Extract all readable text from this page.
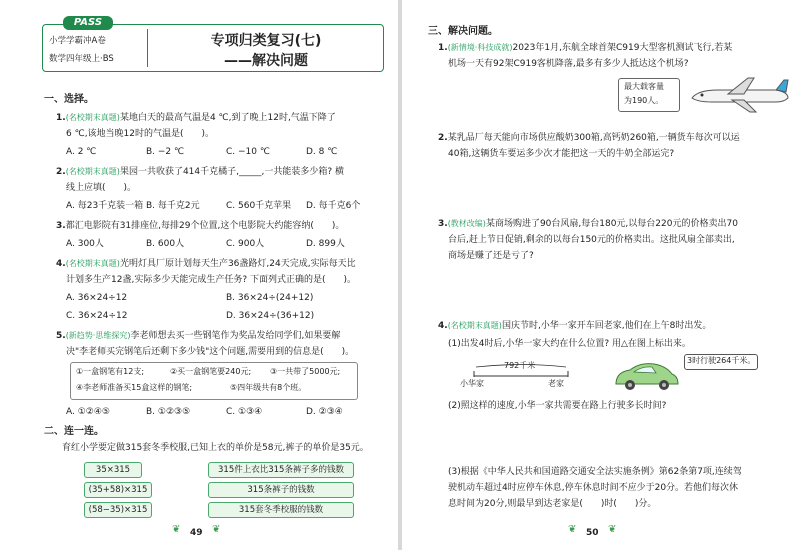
PASS
小学学霸冲A卷
数学四年级上·BS
专项归类复习(七)
——解决问题
一、选择。
1.(名校期末真题)某地白天的最高气温是4 ℃,到了晚上12时,气温下降了
6 ℃,该地当晚12时的气温是(　　)。
A. 2 ℃	B. −2 ℃	C. −10 ℃	D. 8 ℃
2.(名校期末真题)果园一共收获了414千克橘子,_____,一共能装多少箱? 横
线上应填(　　)。
A. 每23千克装一箱 B. 每千克2元	C. 560千克苹果 D. 每千克6个
3.都汇电影院有31排座位,每排29个位置,这个电影院大约能容纳(　　)。
A. 300人	B. 600人	C. 900人	D. 899人
4.(名校期末真题)光明灯具厂原计划每天生产36盏路灯,24天完成,实际每天比
计划多生产12盏,实际多少天能完成生产任务? 下面列式正确的是(　　)。
A. 36×24÷12	B. 36×24÷(24+12)
C. 36×24÷12	D. 36×24÷(36+12)
5.(新趋势·思维探究)李老师想去买一些钢笔作为奖品发给同学们,如果要解
决"李老师买完钢笔后还剩下多少钱"这个问题,需要用到的信息是(　　)。
①一盒钢笔有12支;	②买一盒钢笔要240元; ③一共带了5000元;
④李老师准备买15盒这样的钢笔;	⑤四年级共有8个班。
A. ①②④⑤	B. ①②③⑤	C. ①③④	D. ②③④
二、连一连。
育红小学要定做315套冬季校服,已知上衣的单价是58元,裤子的单价是35元。
35×315
(35+58)×315
(58−35)×315
315件上衣比315条裤子多的钱数
315条裤子的钱数
315套冬季校服的钱数
❦ 49 ❦
三、解决问题。
1.(新情境·科技成就)2023年1月,东航全球首架C919大型客机测试飞行,若某
机场一天有92架C919客机降落,最多有多少人抵达这个机场?
最大载客量
为190人。
2.某乳品厂每天能向市场供应酸奶300箱,高钙奶260箱,一辆货车每次可以运
40箱,这辆货车要运多少次才能把这一天的牛奶全部运完?
3.(教材改编)某商场购进了90台风扇,每台180元,以每台220元的价格卖出70
台后,赶上节日促销,剩余的以每台150元的价格卖出。这批风扇全部卖出,
商场是赚了还是亏了?
4.(名校期末真题)国庆节时,小华一家开车回老家,他们在上午8时出发。
(1)出发4时后,小华一家大约在什么位置? 用△在图上标出来。
792千米
小华家	老家
3时行驶264千米。
(2)照这样的速度,小华一家共需要在路上行驶多长时间?
(3)根据《中华人民共和国道路交通安全法实施条例》第62条第7项,连续驾
驶机动车超过4时应停车休息,停车休息时间不应少于20分。若他们每次休
息时间为20分,则最早到达老家是(　　)时(　　)分。
❦ 50 ❦
